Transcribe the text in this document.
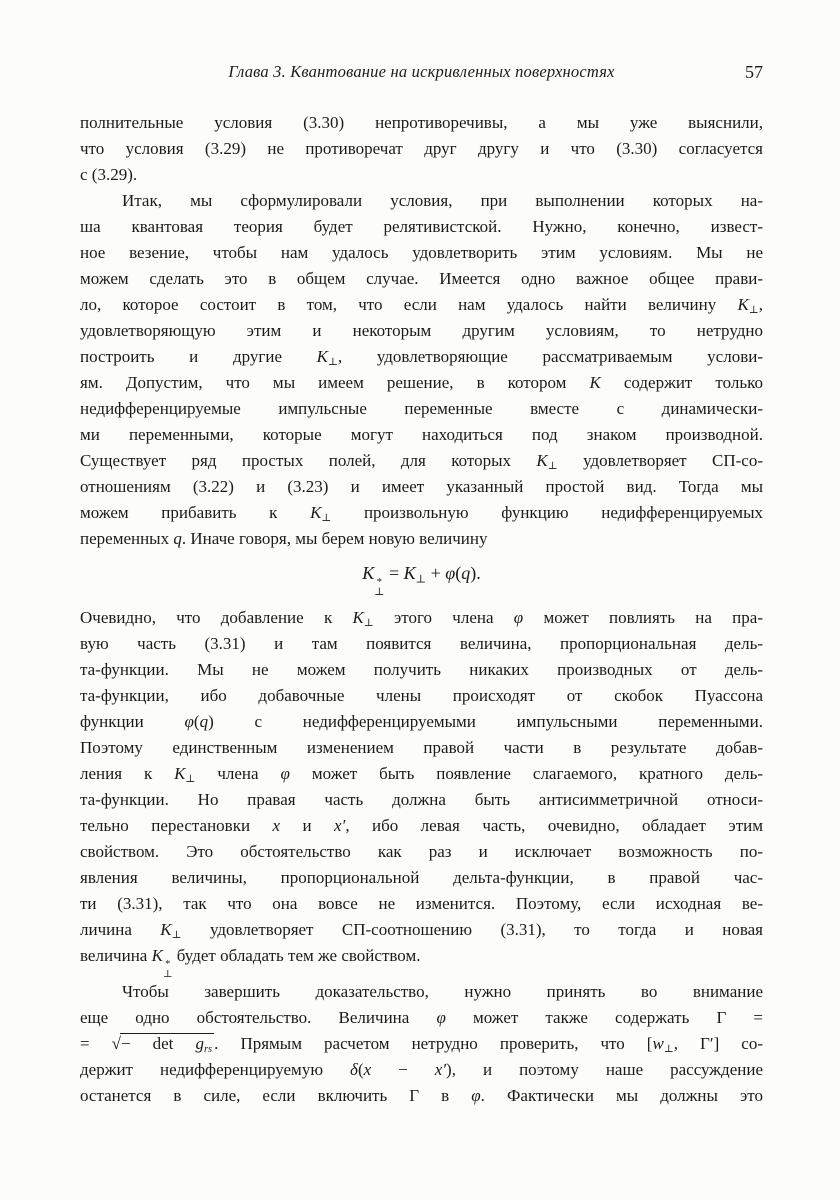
Глава 3. Квантование на искривленных поверхностях	57
полнительные условия (3.30) непротиворечивы, а мы уже выяснили,
что условия (3.29) не противоречат друг другу и что (3.30) согласуется
с (3.29).
Итак, мы сформулировали условия, при выполнении которых на-
ша квантовая теория будет релятивистской. Нужно, конечно, извест-
ное везение, чтобы нам удалось удовлетворить этим условиям. Мы не
можем сделать это в общем случае. Имеется одно важное общее прави-
ло, которое состоит в том, что если нам удалось найти величину $K_\perp$,
удовлетворяющую этим и некоторым другим условиям, то нетрудно
построить и другие $K_\perp$, удовлетворяющие рассматриваемым услови-
ям. Допустим, что мы имеем решение, в котором K содержит только
недифференцируемые импульсные переменные вместе с динамически-
ми переменными, которые могут находиться под знаком производной.
Существует ряд простых полей, для которых $K_\perp$ удовлетворяет СП-со-
отношениям (3.22) и (3.23) и имеет указанный простой вид. Тогда мы
можем прибавить к $K_\perp$ произвольную функцию недифференцируемых
переменных q. Иначе говоря, мы берем новую величину
K *
⊥
= $K_\perp + \varphi(q)$.
Очевидно, что добавление к $K_\perp$ этого члена φ может повлиять на пра-
вую часть (3.31) и там появится величина, пропорциональная дель-
та-функции. Мы не можем получить никаких производных от дель-
та-функции, ибо добавочные члены происходят от скобок Пуассона
функции φ(q) с недифференцируемыми импульсными переменными.
Поэтому единственным изменением правой части в результате добав-
ления к $K_\perp$ члена φ может быть появление слагаемого, кратного дель-
та-функции. Но правая часть должна быть антисимметричной относи-
тельно перестановки x и x′, ибо левая часть, очевидно, обладает этим
свойством. Это обстоятельство как раз и исключает возможность по-
явления величины, пропорциональной дельта-функции, в правой час-
ти (3.31), так что она вовсе не изменится. Поэтому, если исходная ве-
личина $K_\perp$ удовлетворяет СП-соотношению (3.31), то тогда и новая
величина K *
⊥
будет обладать тем же свойством.
Чтобы завершить доказательство, нужно принять во внимание
еще одно обстоятельство. Величина φ может также содержать Γ =
= √− $\det g_{rs}$ . Прямым расчетом нетрудно проверить, что [$w_\perp$, Γ′] со-
держит недифференцируемую δ(x − x′), и поэтому наше рассуждение
останется в силе, если включить Γ в φ. Фактически мы должны это
